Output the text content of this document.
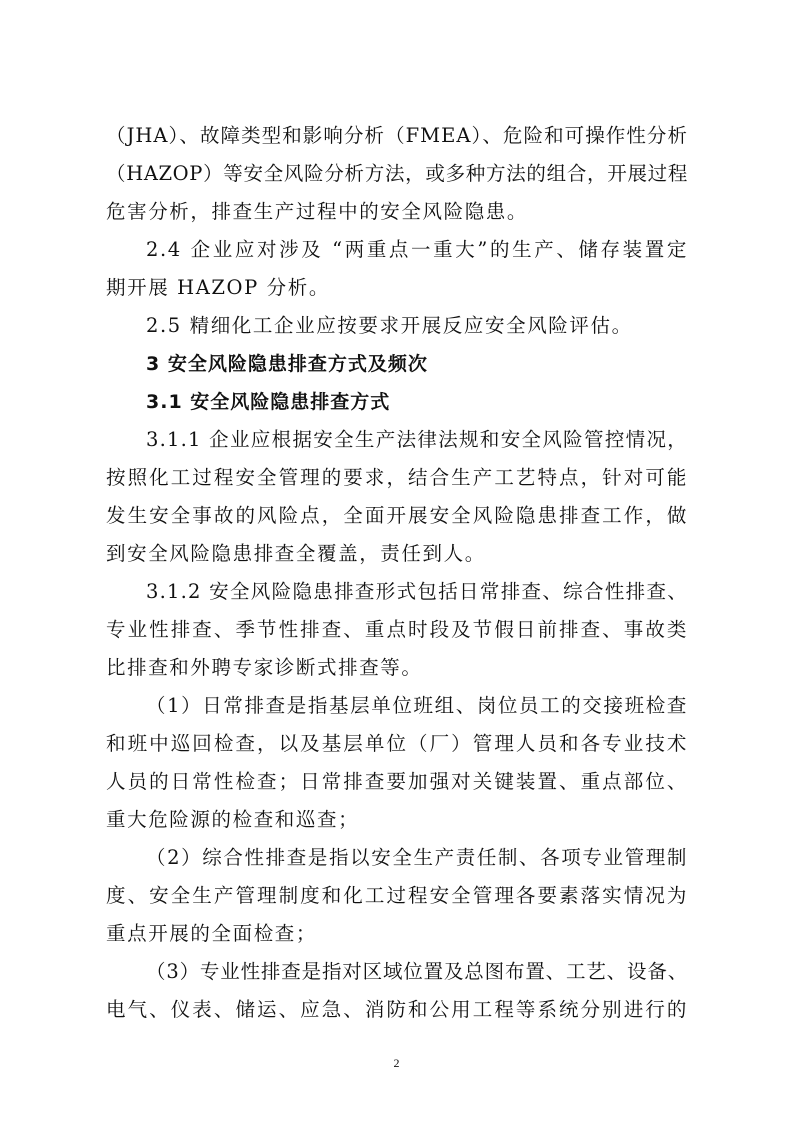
（JHA）、故障类型和影响分析（FMEA）、危险和可操作性分析
（HAZOP）等安全风险分析方法，或多种方法的组合，开展过程
危害分析，排查生产过程中的安全风险隐患。
2.4 企业应对涉及 “两重点一重大”的生产、储存装置定
期开展 HAZOP 分析。
2.5 精细化工企业应按要求开展反应安全风险评估。
3 安全风险隐患排查方式及频次
3.1 安全风险隐患排查方式
3.1.1 企业应根据安全生产法律法规和安全风险管控情况，
按照化工过程安全管理的要求，结合生产工艺特点，针对可能
发生安全事故的风险点，全面开展安全风险隐患排查工作，做
到安全风险隐患排查全覆盖，责任到人。
3.1.2 安全风险隐患排查形式包括日常排查、综合性排查、
专业性排查、季节性排查、重点时段及节假日前排查、事故类
比排查和外聘专家诊断式排查等。
（1）日常排查是指基层单位班组、岗位员工的交接班检查
和班中巡回检查，以及基层单位（厂）管理人员和各专业技术
人员的日常性检查；日常排查要加强对关键装置、重点部位、
重大危险源的检查和巡查；
（2）综合性排查是指以安全生产责任制、各项专业管理制
度、安全生产管理制度和化工过程安全管理各要素落实情况为
重点开展的全面检查；
（3）专业性排查是指对区域位置及总图布置、工艺、设备、
电气、仪表、储运、应急、消防和公用工程等系统分别进行的
2
